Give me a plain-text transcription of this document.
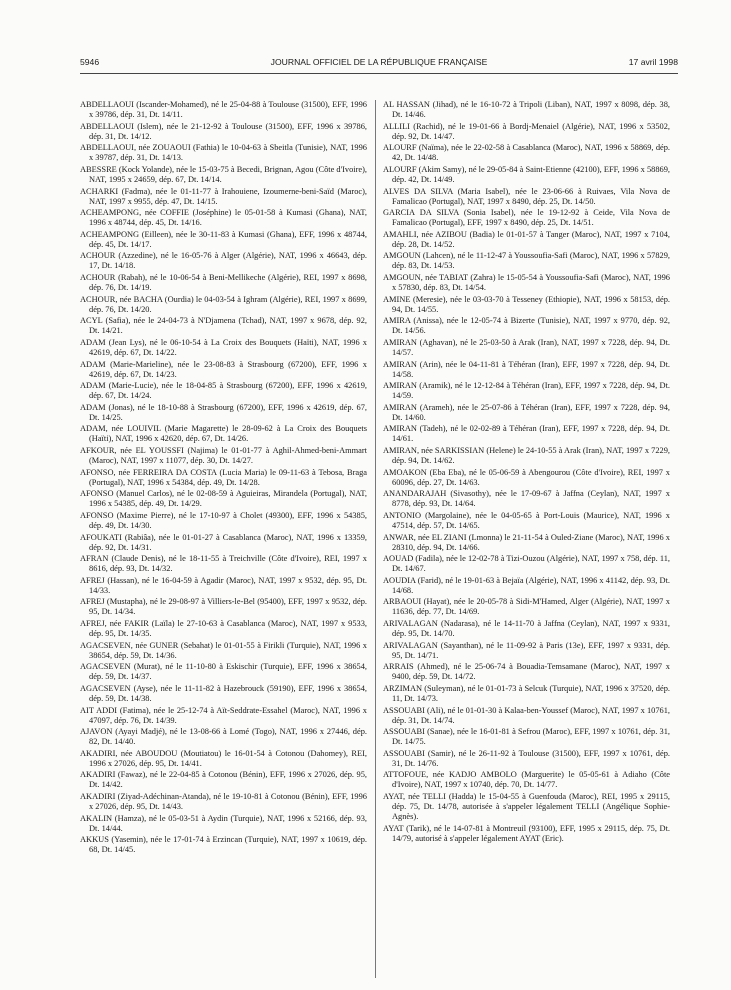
5946	JOURNAL OFFICIEL DE LA RÉPUBLIQUE FRANÇAISE	17 avril 1998

ABDELLAOUI (Iscander-Mohamed), né le 25-04-88 à Toulouse (31500), EFF, 1996 x 39786, dép. 31, Dt. 14/11.

ABDELLAOUI (Islem), née le 21-12-92 à Toulouse (31500), EFF, 1996 x 39786, dép. 31, Dt. 14/12.

ABDELLAOUI, née ZOUAOUI (Fathia) le 10-04-63 à Sbeitla (Tunisie), NAT, 1996 x 39787, dép. 31, Dt. 14/13.

ABESSRE (Kock Yolande), née le 15-03-75 à Becedi, Brignan, Agou (Côte d'Ivoire), NAT, 1995 x 24659, dép. 67, Dt. 14/14.

ACHARKI (Fadma), née le 01-11-77 à Irahouiene, Izoumerne-beni-Saïd (Maroc), NAT, 1997 x 9955, dép. 47, Dt. 14/15.

ACHEAMPONG, née COFFIE (Joséphine) le 05-01-58 à Kumasi (Ghana), NAT, 1996 x 48744, dép. 45, Dt. 14/16.

ACHEAMPONG (Eilleen), née le 30-11-83 à Kumasi (Ghana), EFF, 1996 x 48744, dép. 45, Dt. 14/17.

ACHOUR (Azzedine), né le 16-05-76 à Alger (Algérie), NAT, 1996 x 46643, dép. 17, Dt. 14/18.

ACHOUR (Rabah), né le 10-06-54 à Beni-Mellikeche (Algérie), REI, 1997 x 8698, dép. 76, Dt. 14/19.

ACHOUR, née BACHA (Ourdia) le 04-03-54 à Ighram (Algérie), REI, 1997 x 8699, dép. 76, Dt. 14/20.

ACYL (Safia), née le 24-04-73 à N'Djamena (Tchad), NAT, 1997 x 9678, dép. 92, Dt. 14/21.

ADAM (Jean Lys), né le 06-10-54 à La Croix des Bouquets (Haïti), NAT, 1996 x 42619, dép. 67, Dt. 14/22.

ADAM (Marie-Marieline), née le 23-08-83 à Strasbourg (67200), EFF, 1996 x 42619, dép. 67, Dt. 14/23.

ADAM (Marie-Lucie), née le 18-04-85 à Strasbourg (67200), EFF, 1996 x 42619, dép. 67, Dt. 14/24.

ADAM (Jonas), né le 18-10-88 à Strasbourg (67200), EFF, 1996 x 42619, dép. 67, Dt. 14/25.

ADAM, née LOUIVIL (Marie Magarette) le 28-09-62 à La Croix des Bouquets (Haïti), NAT, 1996 x 42620, dép. 67, Dt. 14/26.

AFKOUR, née EL YOUSSFI (Najima) le 01-01-77 à Aghil-Ahmed-beni-Ammart (Maroc), NAT, 1997 x 11077, dép. 30, Dt. 14/27.

AFONSO, née FERREIRA DA COSTA (Lucia Maria) le 09-11-63 à Tebosa, Braga (Portugal), NAT, 1996 x 54384, dép. 49, Dt. 14/28.

AFONSO (Manuel Carlos), né le 02-08-59 à Aguieiras, Mirandela (Portugal), NAT, 1996 x 54385, dép. 49, Dt. 14/29.

AFONSO (Maxime Pierre), né le 17-10-97 à Cholet (49300), EFF, 1996 x 54385, dép. 49, Dt. 14/30.

AFOUKATI (Rabiâa), née le 01-01-27 à Casablanca (Maroc), NAT, 1996 x 13359, dép. 92, Dt. 14/31.

AFRAN (Claude Denis), né le 18-11-55 à Treichville (Côte d'Ivoire), REI, 1997 x 8616, dép. 93, Dt. 14/32.

AFREJ (Hassan), né le 16-04-59 à Agadir (Maroc), NAT, 1997 x 9532, dép. 95, Dt. 14/33.

AFREJ (Mustapha), né le 29-08-97 à Villiers-le-Bel (95400), EFF, 1997 x 9532, dép. 95, Dt. 14/34.

AFREJ, née FAKIR (Laïla) le 27-10-63 à Casablanca (Maroc), NAT, 1997 x 9533, dép. 95, Dt. 14/35.

AGACSEVEN, née GUNER (Sebahat) le 01-01-55 à Firikli (Turquie), NAT, 1996 x 38654, dép. 59, Dt. 14/36.

AGACSEVEN (Murat), né le 11-10-80 à Eskischir (Turquie), EFF, 1996 x 38654, dép. 59, Dt. 14/37.

AGACSEVEN (Ayse), née le 11-11-82 à Hazebrouck (59190), EFF, 1996 x 38654, dép. 59, Dt. 14/38.

AIT ADDI (Fatima), née le 25-12-74 à Aït-Seddrate-Essahel (Maroc), NAT, 1996 x 47097, dép. 76, Dt. 14/39.

AJAVON (Ayayi Madjé), né le 13-08-66 à Lomé (Togo), NAT, 1996 x 27446, dép. 82, Dt. 14/40.

AKADIRI, née ABOUDOU (Moutiatou) le 16-01-54 à Cotonou (Dahomey), REI, 1996 x 27026, dép. 95, Dt. 14/41.

AKADIRI (Fawaz), né le 22-04-85 à Cotonou (Bénin), EFF, 1996 x 27026, dép. 95, Dt. 14/42.

AKADIRI (Ziyad-Adéchinan-Atanda), né le 19-10-81 à Cotonou (Bénin), EFF, 1996 x 27026, dép. 95, Dt. 14/43.

AKALIN (Hamza), né le 05-03-51 à Aydin (Turquie), NAT, 1996 x 52166, dép. 93, Dt. 14/44.

AKKUS (Yasemin), née le 17-01-74 à Erzincan (Turquie), NAT, 1997 x 10619, dép. 68, Dt. 14/45.

AL HASSAN (Jihad), né le 16-10-72 à Tripoli (Liban), NAT, 1997 x 8098, dép. 38, Dt. 14/46.

ALLILI (Rachid), né le 19-01-66 à Bordj-Menaiel (Algérie), NAT, 1996 x 53502, dép. 92, Dt. 14/47.

ALOURF (Naïma), née le 22-02-58 à Casablanca (Maroc), NAT, 1996 x 58869, dép. 42, Dt. 14/48.

ALOURF (Akim Samy), né le 29-05-84 à Saint-Etienne (42100), EFF, 1996 x 58869, dép. 42, Dt. 14/49.

ALVES DA SILVA (Maria Isabel), née le 23-06-66 à Ruivaes, Vila Nova de Famalicao (Portugal), NAT, 1997 x 8490, dép. 25, Dt. 14/50.

GARCIA DA SILVA (Sonia Isabel), née le 19-12-92 à Ceide, Vila Nova de Famalicao (Portugal), EFF, 1997 x 8490, dép. 25, Dt. 14/51.

AMAHLI, née AZIBOU (Badia) le 01-01-57 à Tanger (Maroc), NAT, 1997 x 7104, dép. 28, Dt. 14/52.

AMGOUN (Lahcen), né le 11-12-47 à Youssoufia-Safi (Maroc), NAT, 1996 x 57829, dép. 83, Dt. 14/53.

AMGOUN, née TABIAT (Zahra) le 15-05-54 à Youssoufia-Safi (Maroc), NAT, 1996 x 57830, dép. 83, Dt. 14/54.

AMINE (Meresie), née le 03-03-70 à Tesseney (Ethiopie), NAT, 1996 x 58153, dép. 94, Dt. 14/55.

AMIRA (Anissa), née le 12-05-74 à Bizerte (Tunisie), NAT, 1997 x 9770, dép. 92, Dt. 14/56.

AMIRAN (Aghavan), né le 25-03-50 à Arak (Iran), NAT, 1997 x 7228, dép. 94, Dt. 14/57.

AMIRAN (Arin), née le 04-11-81 à Téhéran (Iran), EFF, 1997 x 7228, dép. 94, Dt. 14/58.

AMIRAN (Aramik), né le 12-12-84 à Téhéran (Iran), EFF, 1997 x 7228, dép. 94, Dt. 14/59.

AMIRAN (Arameh), née le 25-07-86 à Téhéran (Iran), EFF, 1997 x 7228, dép. 94, Dt. 14/60.

AMIRAN (Tadeh), né le 02-02-89 à Téhéran (Iran), EFF, 1997 x 7228, dép. 94, Dt. 14/61.

AMIRAN, née SARKISSIAN (Helene) le 24-10-55 à Arak (Iran), NAT, 1997 x 7229, dép. 94, Dt. 14/62.

AMOAKON (Eba Eba), né le 05-06-59 à Abengourou (Côte d'Ivoire), REI, 1997 x 60096, dép. 27, Dt. 14/63.

ANANDARAJAH (Sivasothy), née le 17-09-67 à Jaffna (Ceylan), NAT, 1997 x 8778, dép. 93, Dt. 14/64.

ANTONIO (Margolaine), née le 04-05-65 à Port-Louis (Maurice), NAT, 1996 x 47514, dép. 57, Dt. 14/65.

ANWAR, née EL ZIANI (Lmonna) le 21-11-54 à Ouled-Ziane (Maroc), NAT, 1996 x 28310, dép. 94, Dt. 14/66.

AOUAD (Fadila), née le 12-02-78 à Tizi-Ouzou (Algérie), NAT, 1997 x 758, dép. 11, Dt. 14/67.

AOUDIA (Farid), né le 19-01-63 à Bejaïa (Algérie), NAT, 1996 x 41142, dép. 93, Dt. 14/68.

ARBAOUI (Hayat), née le 20-05-78 à Sidi-M'Hamed, Alger (Algérie), NAT, 1997 x 11636, dép. 77, Dt. 14/69.

ARIVALAGAN (Nadarasa), né le 14-11-70 à Jaffna (Ceylan), NAT, 1997 x 9331, dép. 95, Dt. 14/70.

ARIVALAGAN (Sayanthan), né le 11-09-92 à Paris (13e), EFF, 1997 x 9331, dép. 95, Dt. 14/71.

ARRAIS (Ahmed), né le 25-06-74 à Bouadia-Temsamane (Maroc), NAT, 1997 x 9400, dép. 59, Dt. 14/72.

ARZIMAN (Suleyman), né le 01-01-73 à Selcuk (Turquie), NAT, 1996 x 37520, dép. 11, Dt. 14/73.

ASSOUABI (Ali), né le 01-01-30 à Kalaa-ben-Youssef (Maroc), NAT, 1997 x 10761, dép. 31, Dt. 14/74.

ASSOUABI (Sanae), née le 16-01-81 à Sefrou (Maroc), EFF, 1997 x 10761, dép. 31, Dt. 14/75.

ASSOUABI (Samir), né le 26-11-92 à Toulouse (31500), EFF, 1997 x 10761, dép. 31, Dt. 14/76.

ATTOFOUE, née KADJO AMBOLO (Marguerite) le 05-05-61 à Adiaho (Côte d'Ivoire), NAT, 1997 x 10740, dép. 70, Dt. 14/77.

AYAT, née TELLI (Hadda) le 15-04-55 à Guenfouda (Maroc), REI, 1995 x 29115, dép. 75, Dt. 14/78, autorisée à s'appeler légalement TELLI (Angélique Sophie-Agnès).

AYAT (Tarik), né le 14-07-81 à Montreuil (93100), EFF, 1995 x 29115, dép. 75, Dt. 14/79, autorisé à s'appeler légalement AYAT (Eric).
